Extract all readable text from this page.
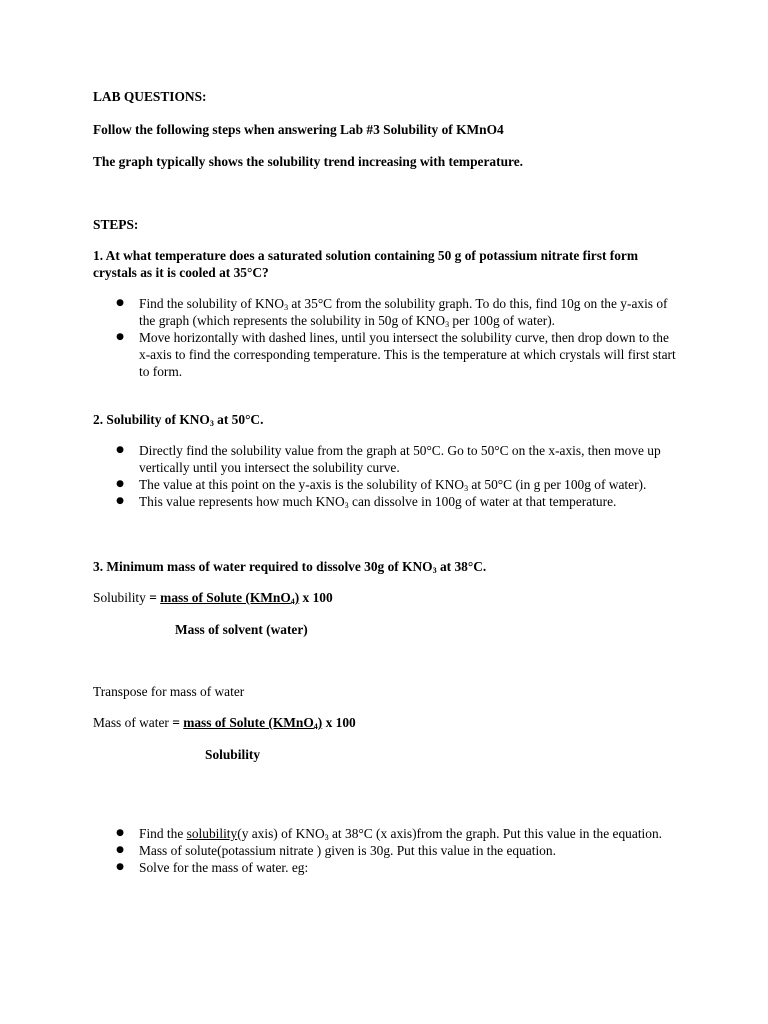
LAB QUESTIONS:

Follow the following steps when answering Lab #3 Solubility of KMnO4

The graph typically shows the solubility trend increasing with temperature.

STEPS:

1. At what temperature does a saturated solution containing 50 g of potassium nitrate first form crystals as it is cooled at 35°C?

● Find the solubility of $KNO_3$ at 35°C from the solubility graph. To do this, find 10g on the y-axis of the graph (which represents the solubility in 50g of $KNO_3$ per 100g of water).
● Move horizontally with dashed lines, until you intersect the solubility curve, then drop down to the x-axis to find the corresponding temperature. This is the temperature at which crystals will first start to form.

2. Solubility of $KNO_3$ at 50°C.

● Directly find the solubility value from the graph at 50°C. Go to 50°C on the x-axis, then move up vertically until you intersect the solubility curve.
● The value at this point on the y-axis is the solubility of $KNO_3$ at 50°C (in g per 100g of water).
● This value represents how much $KNO_3$ can dissolve in 100g of water at that temperature.

3. Minimum mass of water required to dissolve 30g of $KNO_3$ at 38°C.

Solubility = mass of Solute (KMnO$_4$) x 100

Mass of solvent (water)

Transpose for mass of water

Mass of water = mass of Solute (KMnO$_4$) x 100

Solubility

● Find the solubility(y axis) of $KNO_3$ at 38°C (x axis)from the graph. Put this value in the equation.
● Mass of solute(potassium nitrate ) given is 30g. Put this value in the equation.
● Solve for the mass of water. eg:
